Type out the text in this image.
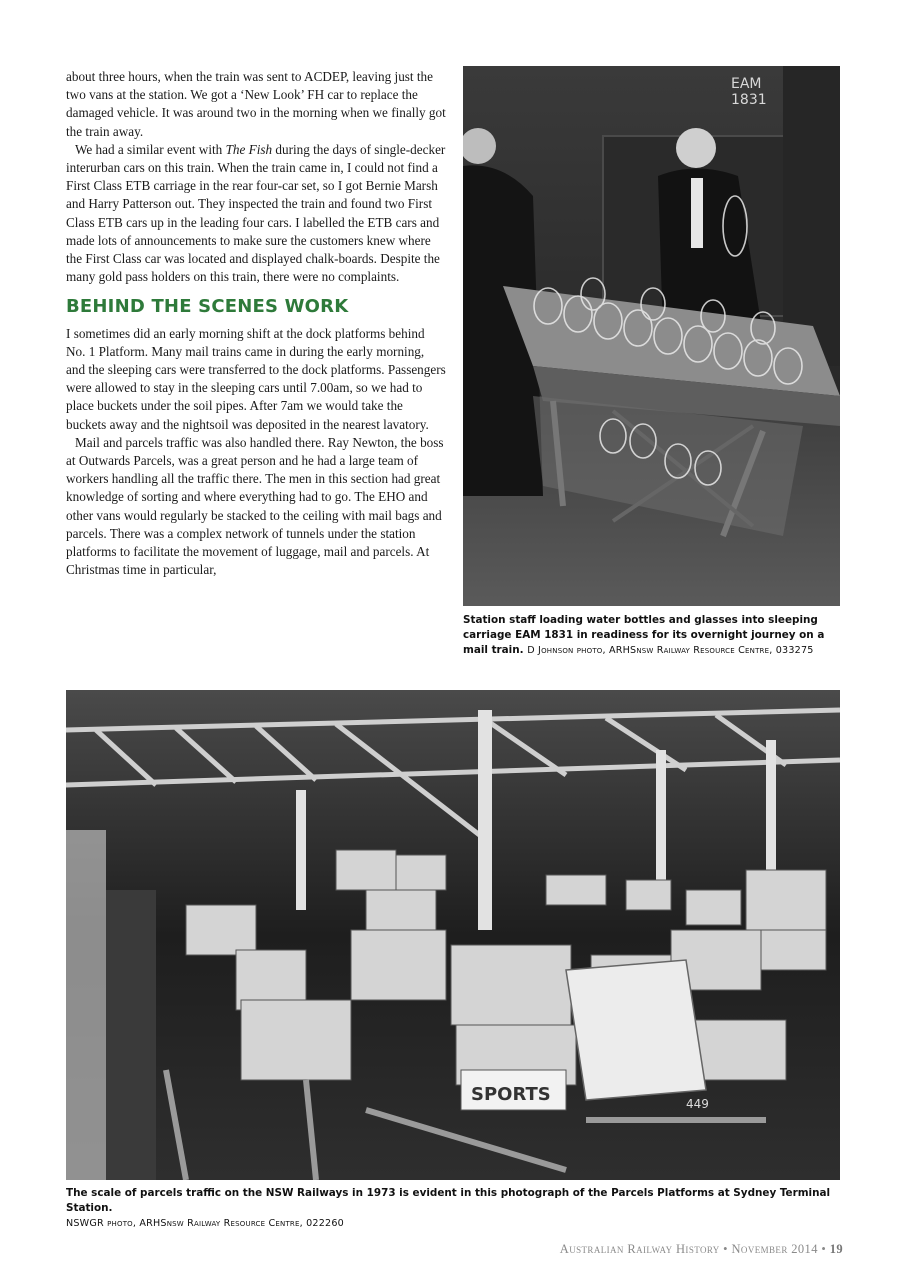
about three hours, when the train was sent to ACDEP, leaving just the two vans at the station. We got a ‘New Look’ FH car to replace the damaged vehicle. It was around two in the morning when we finally got the train away.

We had a similar event with The Fish during the days of single-decker interurban cars on this train. When the train came in, I could not find a First Class ETB carriage in the rear four-car set, so I got Bernie Marsh and Harry Patterson out. They inspected the train and found two First Class ETB cars up in the leading four cars. I labelled the ETB cars and made lots of announcements to make sure the customers knew where the First Class car was located and displayed chalk-boards. Despite the many gold pass holders on this train, there were no complaints.

BEHIND THE SCENES WORK

I sometimes did an early morning shift at the dock platforms behind No. 1 Platform. Many mail trains came in during the early morning, and the sleeping cars were transferred to the dock platforms. Passengers were allowed to stay in the sleeping cars until 7.00am, so we had to place buckets under the soil pipes. After 7am we would take the buckets away and the nightsoil was deposited in the nearest lavatory.

Mail and parcels traffic was also handled there. Ray Newton, the boss at Outwards Parcels, was a great person and he had a large team of workers handling all the traffic there. The men in this section had great knowledge of sorting and where everything had to go. The EHO and other vans would regularly be stacked to the ceiling with mail bags and parcels. There was a complex network of tunnels under the station platforms to facilitate the movement of luggage, mail and parcels. At Christmas time in particular,

EAM
1831
Station staff loading water bottles and glasses into sleeping carriage EAM 1831 in readiness for its overnight journey on a mail train. D Johnson photo, ARHSnsw Railway Resource Centre, 033275
SPORTS	449
The scale of parcels traffic on the NSW Railways in 1973 is evident in this photograph of the Parcels Platforms at Sydney Terminal Station.
NSWGR photo, ARHSnsw Railway Resource Centre, 022260
Australian Railway History • November 2014 • 19
